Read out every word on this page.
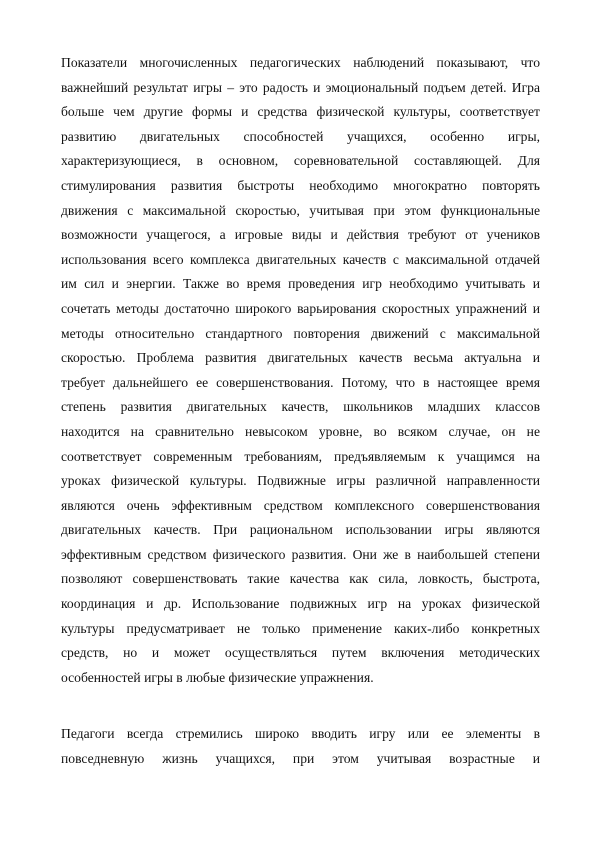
Показатели многочисленных педагогических наблюдений показывают, что
важнейший результат игры – это радость и эмоциональный подъем детей. Игра
больше чем другие формы и средства физической культуры, соответствует
развитию двигательных способностей учащихся, особенно игры,
характеризующиеся, в основном, соревновательной составляющей. Для
стимулирования развития быстроты необходимо многократно повторять
движения с максимальной скоростью, учитывая при этом функциональные
возможности учащегося, а игровые виды и действия требуют от учеников
использования всего комплекса двигательных качеств с максимальной отдачей
им сил и энергии. Также во время проведения игр необходимо учитывать и
сочетать методы достаточно широкого варьирования скоростных упражнений и
методы относительно стандартного повторения движений с максимальной
скоростью. Проблема развития двигательных качеств весьма актуальна и
требует дальнейшего ее совершенствования. Потому, что в настоящее время
степень развития двигательных качеств, школьников младших классов
находится на сравнительно невысоком уровне, во всяком случае, он не
соответствует современным требованиям, предъявляемым к учащимся на
уроках физической культуры. Подвижные игры различной направленности
являются очень эффективным средством комплексного совершенствования
двигательных качеств. При рациональном использовании игры являются
эффективным средством физического развития. Они же в наибольшей степени
позволяют совершенствовать такие качества как сила, ловкость, быстрота,
координация и др. Использование подвижных игр на уроках физической
культуры предусматривает не только применение каких-либо конкретных
средств, но и может осуществляться путем включения методических
особенностей игры в любые физические упражнения.
Педагоги всегда стремились широко вводить игру или ее элементы в
повседневную жизнь учащихся, при этом учитывая возрастные и
